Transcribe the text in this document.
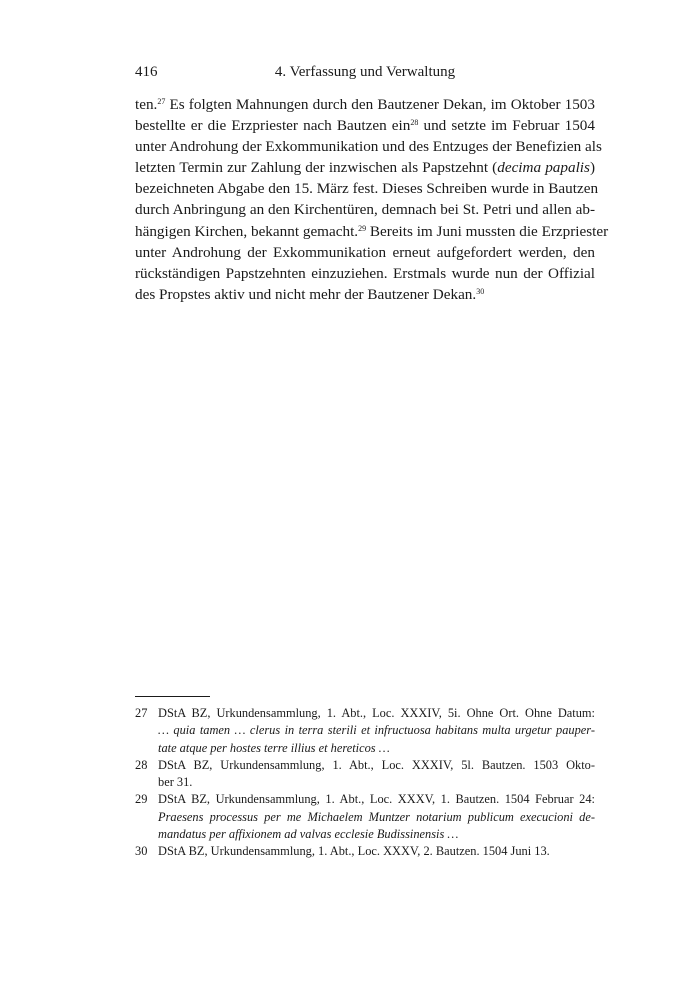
416	4. Verfassung und Verwaltung
ten.$^{27}$ Es folgten Mahnungen durch den Bautzener Dekan, im Oktober 1503
bestellte er die Erzpriester nach Bautzen ein$^{28}$ und setzte im Februar 1504
unter Androhung der Exkommunikation und des Entzuges der Benefizien als
letzten Termin zur Zahlung der inzwischen als Papstzehnt (decima papalis)
bezeichneten Abgabe den 15. März fest. Dieses Schreiben wurde in Bautzen
durch Anbringung an den Kirchentüren, demnach bei St. Petri und allen ab-
hängigen Kirchen, bekannt gemacht.$^{29}$ Bereits im Juni mussten die Erzpriester
unter Androhung der Exkommunikation erneut aufgefordert werden, den
rückständigen Papstzehnten einzuziehen. Erstmals wurde nun der Offizial
des Propstes aktiv und nicht mehr der Bautzener Dekan.$^{30}$
27 DStA BZ, Urkundensammlung, 1. Abt., Loc. XXXIV, 5i. Ohne Ort. Ohne Datum:
… quia tamen … clerus in terra sterili et infructuosa habitans multa urgetur pauper-
tate atque per hostes terre illius et hereticos …
28 DStA BZ, Urkundensammlung, 1. Abt., Loc. XXXIV, 5l. Bautzen. 1503 Okto-
ber 31.
29 DStA BZ, Urkundensammlung, 1. Abt., Loc. XXXV, 1. Bautzen. 1504 Februar 24:
Praesens processus per me Michaelem Muntzer notarium publicum execucioni de-
mandatus per affixionem ad valvas ecclesie Budissinensis …
30 DStA BZ, Urkundensammlung, 1. Abt., Loc. XXXV, 2. Bautzen. 1504 Juni 13.
